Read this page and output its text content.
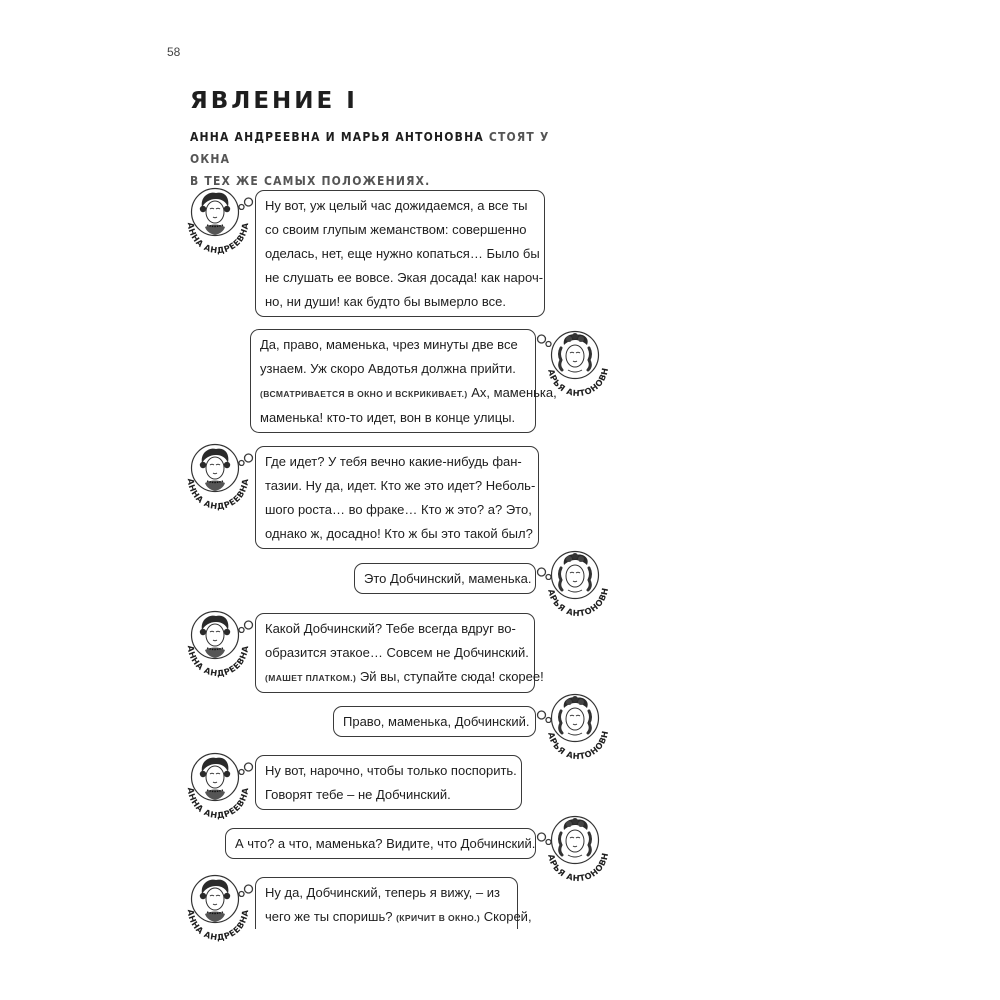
58
ЯВЛЕНИЕ I
АННА АНДРЕЕВНА И МАРЬЯ АНТОНОВНА СТОЯТ У ОКНА
В ТЕХ ЖЕ САМЫХ ПОЛОЖЕНИЯХ.
АННА АНДРЕЕВНА
Ну вот, уж целый час дожидаемся, а все ты
со своим глупым жеманством: совершенно
оделась, нет, еще нужно копаться… Было бы
не слушать ее вовсе. Экая досада! как нароч-
но, ни души! как будто бы вымерло все.
Да, право, маменька, чрез минуты две все
узнаем. Уж скоро Авдотья должна прийти.
(ВСМАТРИВАЕТСЯ В ОКНО И ВСКРИКИВАЕТ.) Ах, маменька,
маменька! кто-то идет, вон в конце улицы.
МАРЬЯ АНТОНОВНА
АННА АНДРЕЕВНА
Где идет? У тебя вечно какие-нибудь фан-
тазии. Ну да, идет. Кто же это идет? Неболь-
шого роста… во фраке… Кто ж это? а? Это,
однако ж, досадно! Кто ж бы это такой был?
Это Добчинский, маменька.
МАРЬЯ АНТОНОВНА
АННА АНДРЕЕВНА
Какой Добчинский? Тебе всегда вдруг во-
образится этакое… Совсем не Добчинский.
(МАШЕТ ПЛАТКОМ.) Эй вы, ступайте сюда! скорее!
Право, маменька, Добчинский.
МАРЬЯ АНТОНОВНА
АННА АНДРЕЕВНА
Ну вот, нарочно, чтобы только поспорить.
Говорят тебе – не Добчинский.
А что? а что, маменька? Видите, что Добчинский.
МАРЬЯ АНТОНОВНА
АННА АНДРЕЕВНА
Ну да, Добчинский, теперь я вижу, – из
чего же ты споришь? (КРИЧИТ В ОКНО.) Скорей,
